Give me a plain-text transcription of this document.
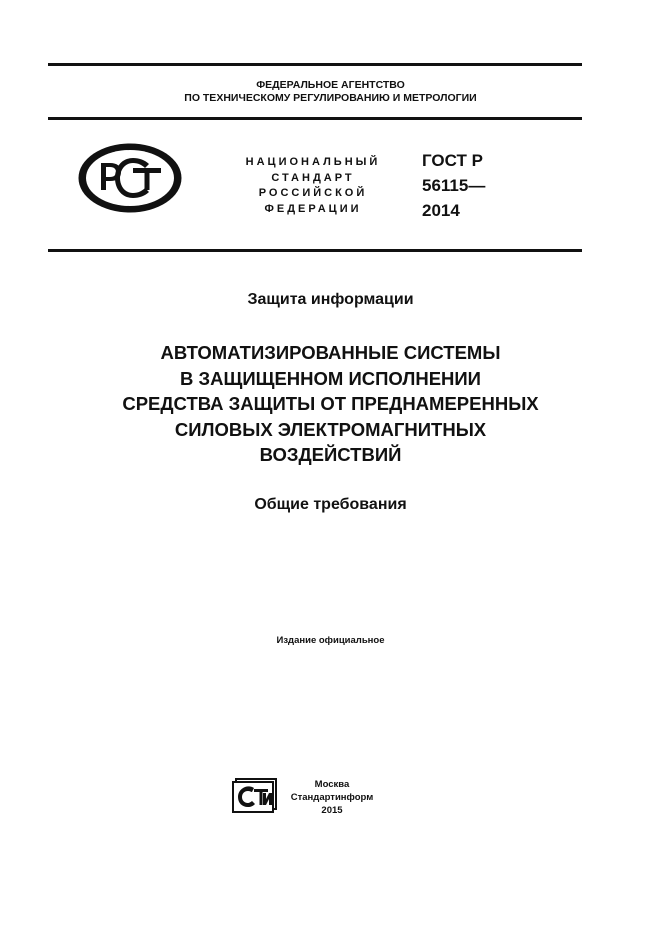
ФЕДЕРАЛЬНОЕ АГЕНТСТВО
ПО ТЕХНИЧЕСКОМУ РЕГУЛИРОВАНИЮ И МЕТРОЛОГИИ
НАЦИОНАЛЬНЫЙ
СТАНДАРТ
РОССИЙСКОЙ
ФЕДЕРАЦИИ
ГОСТ Р
56115—
2014
Защита информации
АВТОМАТИЗИРОВАННЫЕ СИСТЕМЫ
В ЗАЩИЩЕННОМ ИСПОЛНЕНИИ
СРЕДСТВА ЗАЩИТЫ ОТ ПРЕДНАМЕРЕННЫХ
СИЛОВЫХ ЭЛЕКТРОМАГНИТНЫХ
ВОЗДЕЙСТВИЙ
Общие требования
Издание официальное
Москва
Стандартинформ
2015
